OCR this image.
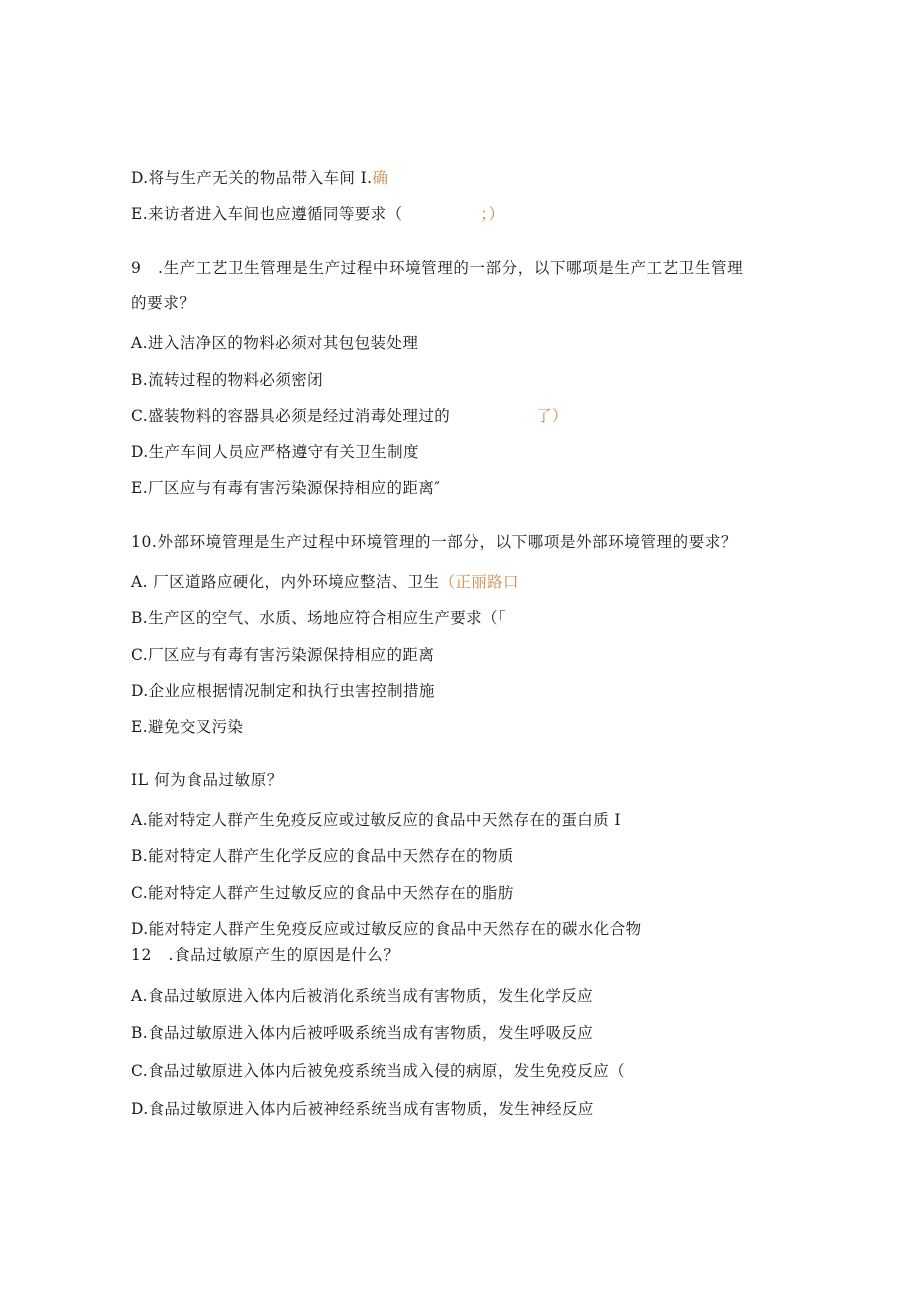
D.将与生产无关的物品带入车间 I.确
E.来访者进入车间也应遵循同等要求（	；）
9   .生产工艺卫生管理是生产过程中环境管理的一部分，以下哪项是生产工艺卫生管理
的要求？
A.进入洁净区的物料必须对其包包装处理
B.流转过程的物料必须密闭
C.盛装物料的容器具必须是经过消毒处理过的	了）
D.生产车间人员应严格遵守有关卫生制度
E.厂区应与有毒有害污染源保持相应的距离″
10.外部环境管理是生产过程中环境管理的一部分，以下哪项是外部环境管理的要求？
A. 厂区道路应硬化，内外环境应整洁、卫生（正丽路口
B.生产区的空气、水质、场地应符合相应生产要求（「
C.厂区应与有毒有害污染源保持相应的距离
D.企业应根据情况制定和执行虫害控制措施
E.避免交叉污染
IL 何为食品过敏原？
A.能对特定人群产生免疫反应或过敏反应的食品中天然存在的蛋白质 I
B.能对特定人群产生化学反应的食品中天然存在的物质
C.能对特定人群产生过敏反应的食品中天然存在的脂肪
D.能对特定人群产生免疫反应或过敏反应的食品中天然存在的碳水化合物
12   .食品过敏原产生的原因是什么？
A.食品过敏原进入体内后被消化系统当成有害物质，发生化学反应
B.食品过敏原进入体内后被呼吸系统当成有害物质，发生呼吸反应
C.食品过敏原进入体内后被免疫系统当成入侵的病原，发生免疫反应（
D.食品过敏原进入体内后被神经系统当成有害物质，发生神经反应
